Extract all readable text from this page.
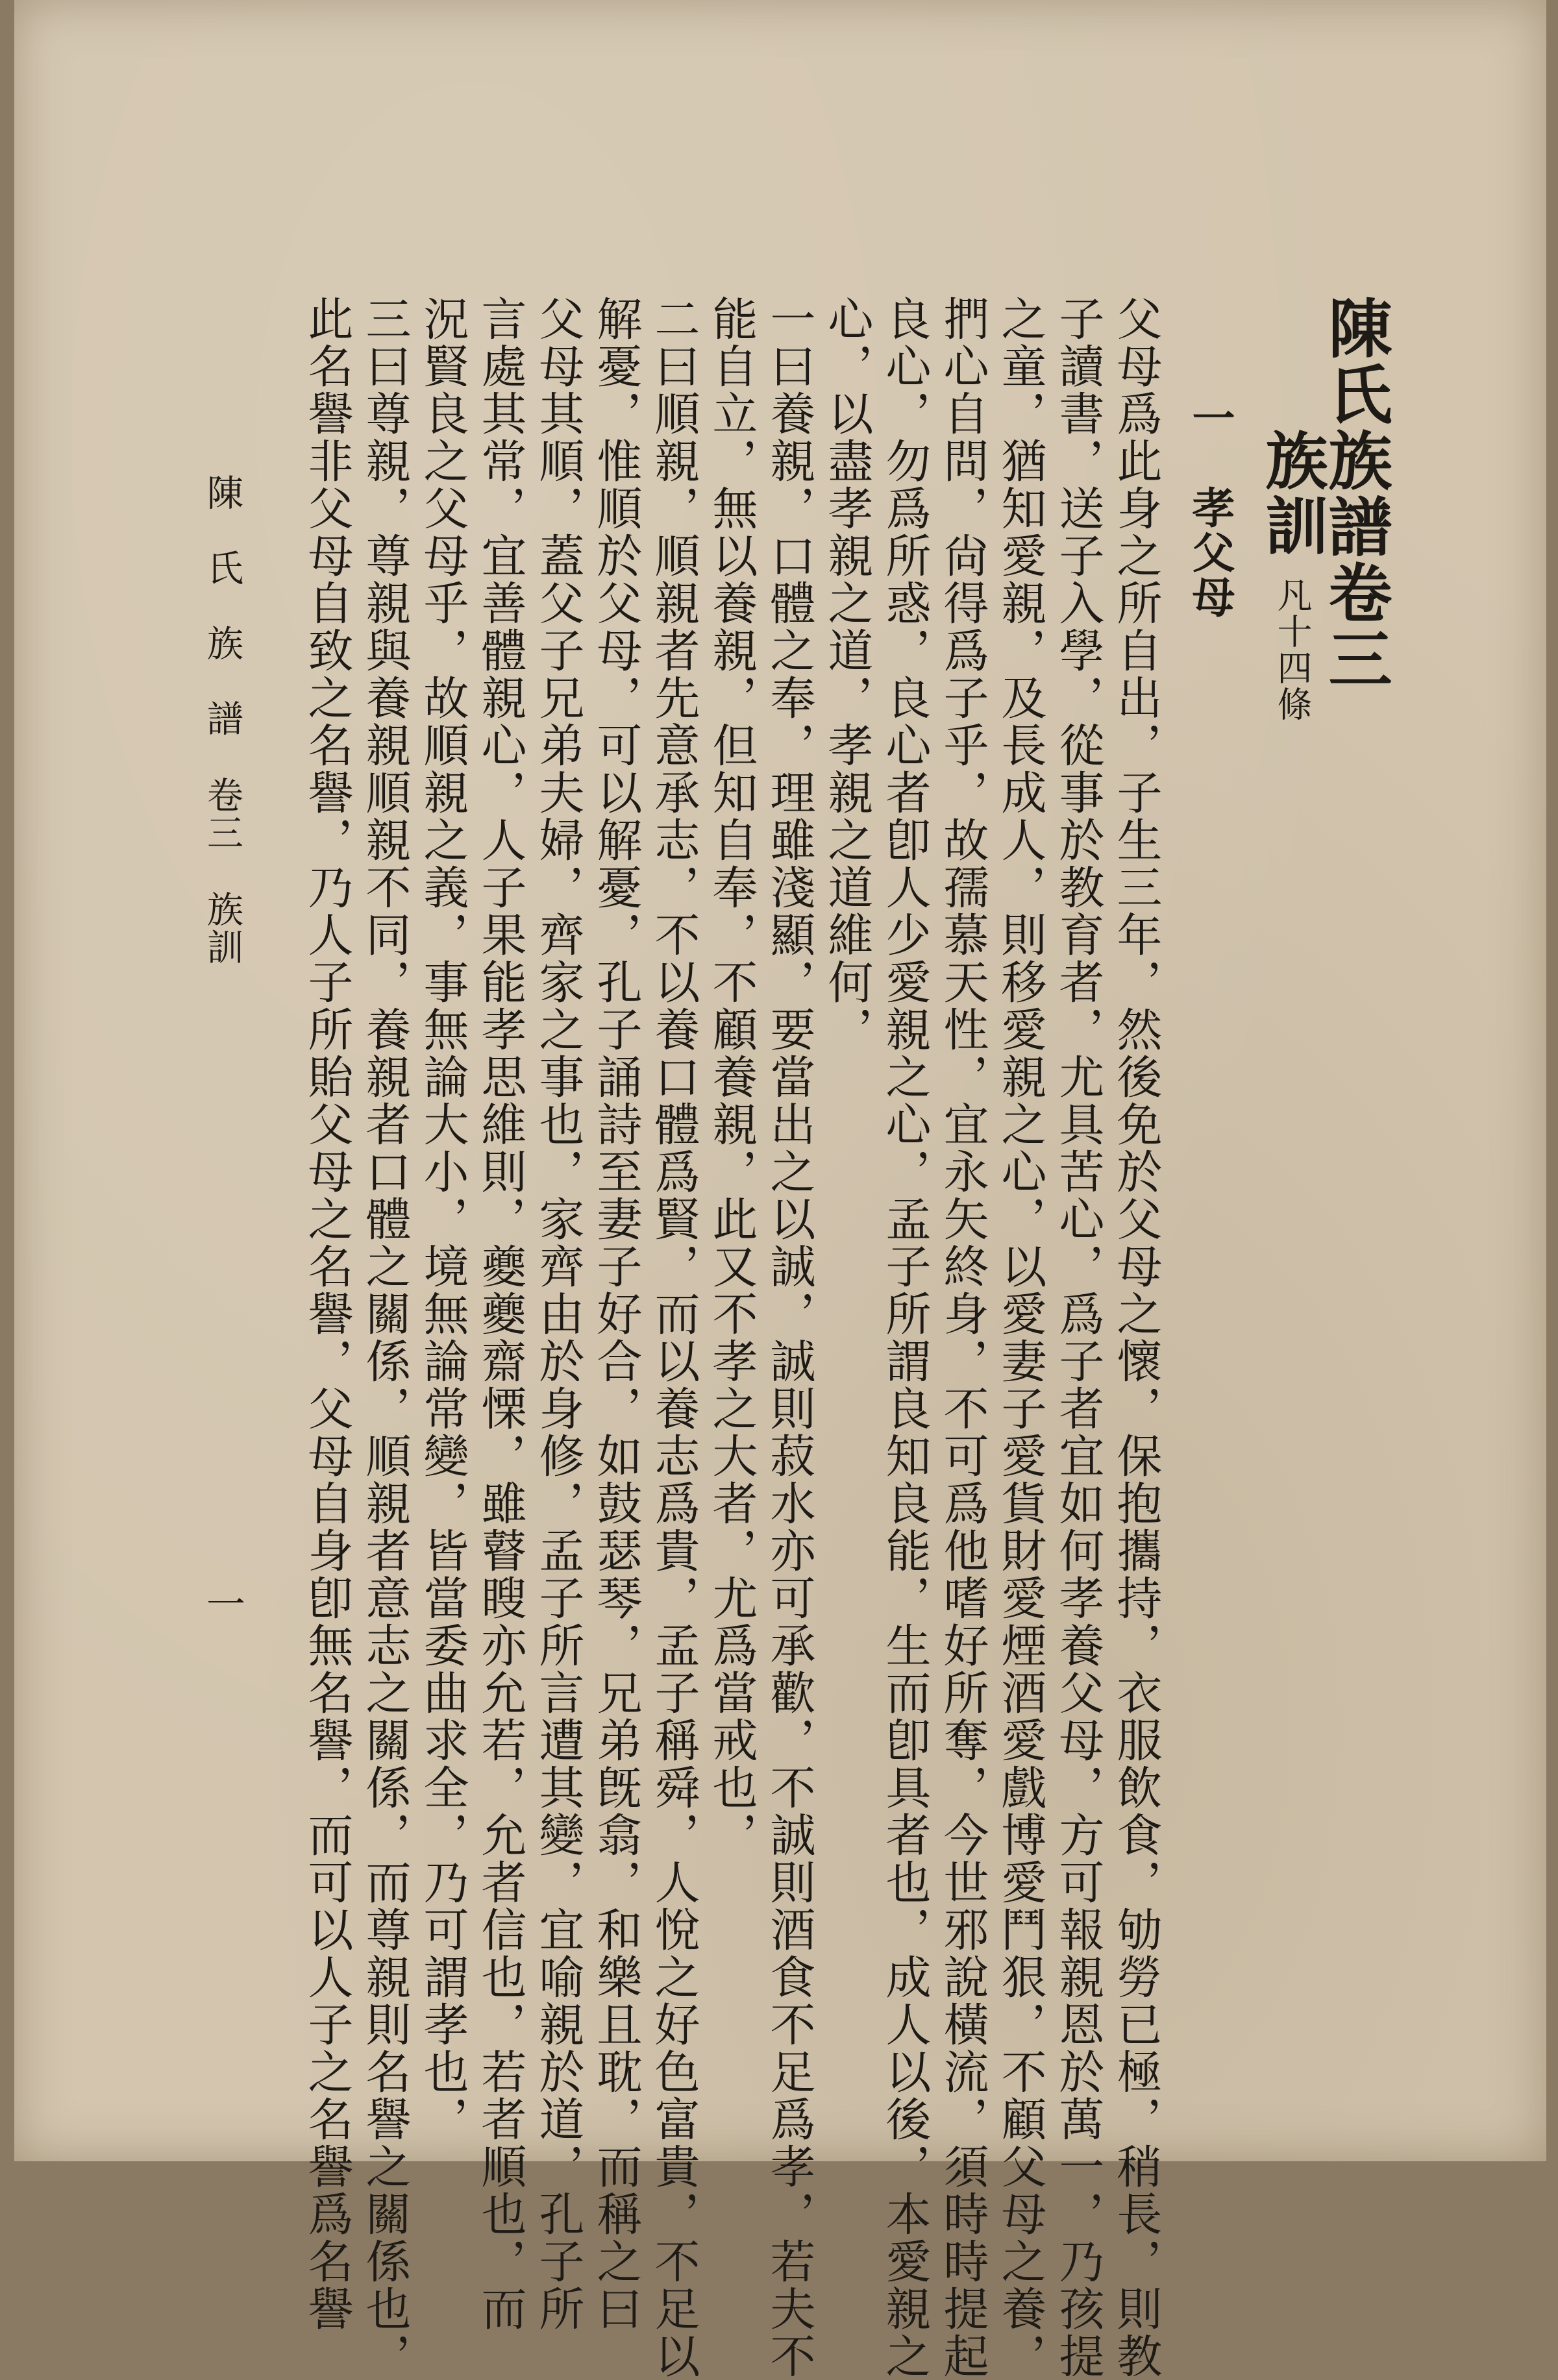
陳氏族譜卷三
族訓 凡十四條
一　孝父母
父母爲此身之所自出，子生三年，然後免於父母之懷，保抱攜持，衣服飲食，劬勞已極，稍長，則教
子讀書，送子入學，從事於教育者，尤具苦心，爲子者宜如何孝養父母，方可報親恩於萬一，乃孩提
之童，猶知愛親，及長成人，則移愛親之心，以愛妻子愛貨財愛煙酒愛戲博愛鬥狠，不顧父母之養，
捫心自問，尙得爲子乎，故孺慕天性，宜永矢終身，不可爲他嗜好所奪，今世邪說橫流，須時時提起
良心，勿爲所惑，良心者卽人少愛親之心，孟子所謂良知良能，生而卽具者也，成人以後，本愛親之
心，以盡孝親之道，孝親之道維何，
一曰養親，口體之奉，理雖淺顯，要當出之以誠，誠則菽水亦可承歡，不誠則酒食不足爲孝，若夫不
能自立，無以養親，但知自奉，不顧養親，此又不孝之大者，尤爲當戒也，
二曰順親，順親者先意承志，不以養口體爲賢，而以養志爲貴，孟子稱舜，人悅之好色富貴，不足以
解憂，惟順於父母，可以解憂，孔子誦詩至妻子好合，如鼓瑟琴，兄弟旣翕，和樂且耽，而稱之曰
父母其順，蓋父子兄弟夫婦，齊家之事也，家齊由於身修，孟子所言遭其變，宜喻親於道，孔子所
言處其常，宜善體親心，人子果能孝思維則，夔夔齋慄，雖瞽瞍亦允若，允者信也，若者順也，而
況賢良之父母乎，故順親之義，事無論大小，境無論常變，皆當委曲求全，乃可謂孝也，
三曰尊親，尊親與養親順親不同，養親者口體之關係，順親者意志之關係，而尊親則名譽之關係也，
此名譽非父母自致之名譽，乃人子所貽父母之名譽，父母自身卽無名譽，而可以人子之名譽爲名譽
陳　氏　族　譜
卷三
族訓
一
